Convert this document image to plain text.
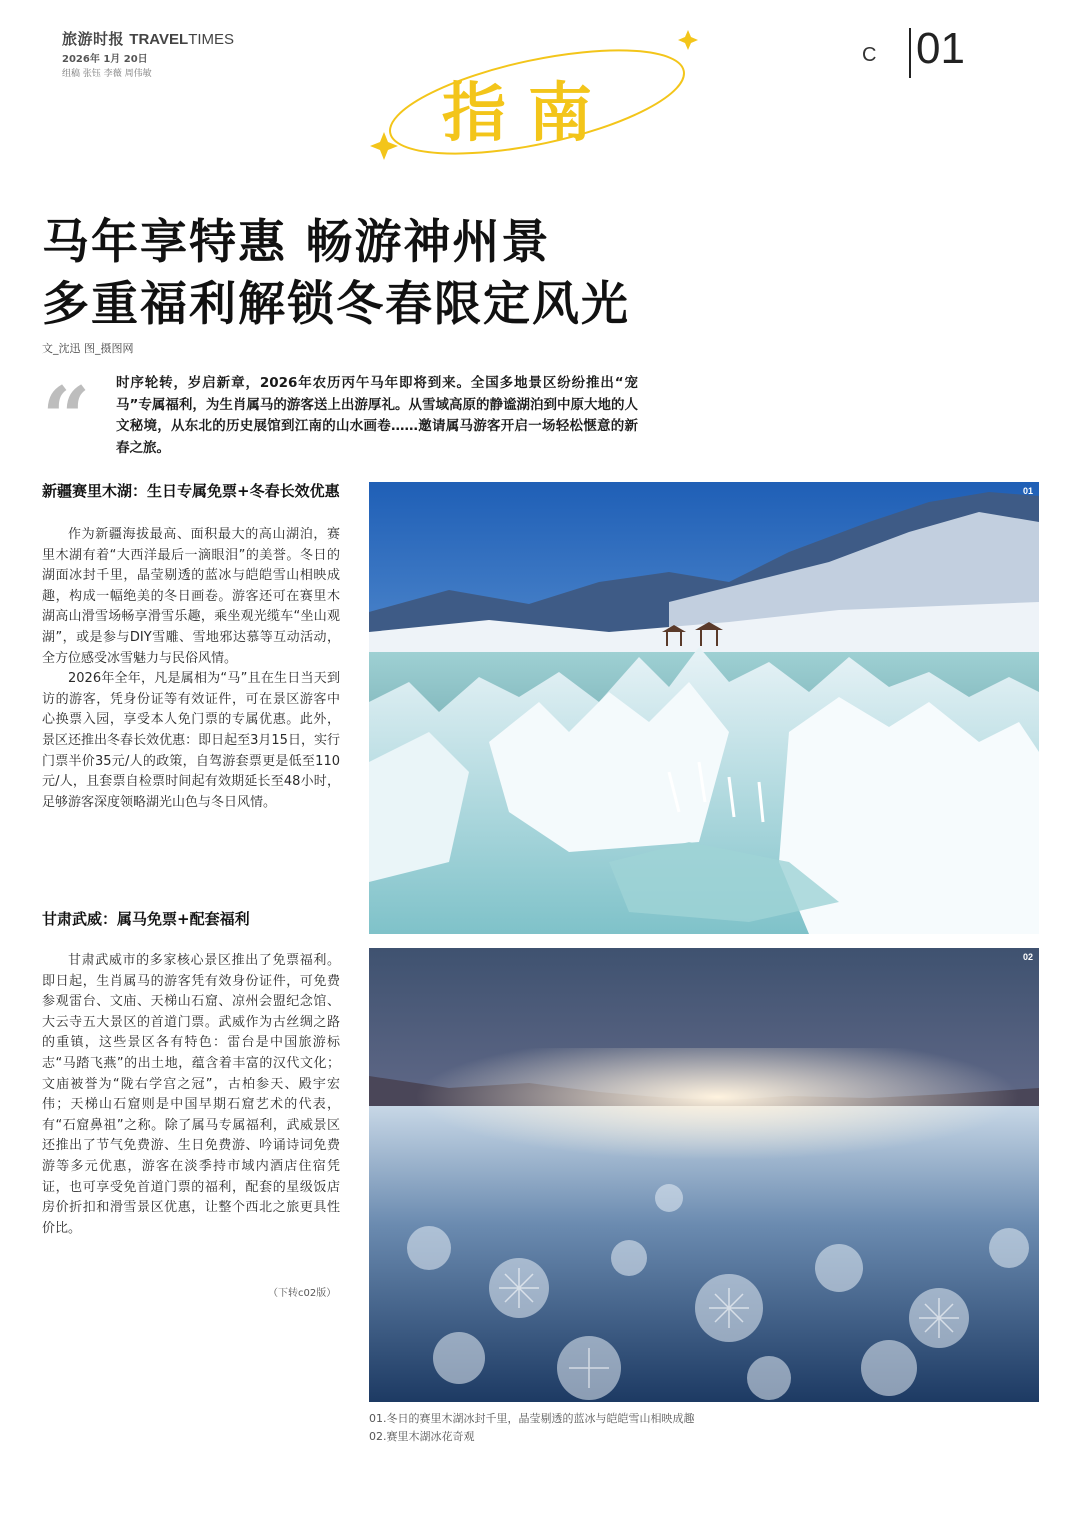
旅游时报 TRAVELTIMES
2026年 1月 20日
组稿 张钰 李薇 周伟敏
指南
C 01
马年享特惠 畅游神州景
多重福利解锁冬春限定风光
文_沈迅 图_摄图网
“ 时序轮转，岁启新章，2026年农历丙午马年即将到来。全国多地景区纷纷推出“宠马”专属福利，为生肖属马的游客送上出游厚礼。从雪域高原的静谧湖泊到中原大地的人文秘境，从东北的历史展馆到江南的山水画卷……邀请属马游客开启一场轻松惬意的新春之旅。
新疆赛里木湖：生日专属免票+冬春长效优惠

作为新疆海拔最高、面积最大的高山湖泊，赛里木湖有着“大西洋最后一滴眼泪”的美誉。冬日的湖面冰封千里，晶莹剔透的蓝冰与皑皑雪山相映成趣，构成一幅绝美的冬日画卷。游客还可在赛里木湖高山滑雪场畅享滑雪乐趣，乘坐观光缆车“坐山观湖”，或是参与DIY雪雕、雪地邪达慕等互动活动，全方位感受冰雪魅力与民俗风情。

2026年全年，凡是属相为“马”且在生日当天到访的游客，凭身份证等有效证件，可在景区游客中心换票入园，享受本人免门票的专属优惠。此外，景区还推出冬春长效优惠：即日起至3月15日，实行门票半价35元/人的政策，自驾游套票更是低至110元/人，且套票自检票时间起有效期延长至48小时，足够游客深度领略湖光山色与冬日风情。

甘肃武威：属马免票+配套福利

甘肃武威市的多家核心景区推出了免票福利。即日起，生肖属马的游客凭有效身份证件，可免费参观雷台、文庙、天梯山石窟、凉州会盟纪念馆、大云寺五大景区的首道门票。武威作为古丝绸之路的重镇，这些景区各有特色：雷台是中国旅游标志“马踏飞燕”的出土地，蕴含着丰富的汉代文化；文庙被誉为“陇右学宫之冠”，古柏参天、殿宇宏伟；天梯山石窟则是中国早期石窟艺术的代表，有“石窟鼻祖”之称。除了属马专属福利，武威景区还推出了节气免费游、生日免费游、吟诵诗词免费游等多元优惠，游客在淡季持市域内酒店住宿凭证，也可享受免首道门票的福利，配套的星级饭店房价折扣和滑雪景区优惠，让整个西北之旅更具性价比。

（下转c02版）
01
02
01.冬日的赛里木湖冰封千里，晶莹剔透的蓝冰与皑皑雪山相映成趣
02.赛里木湖冰花奇观
